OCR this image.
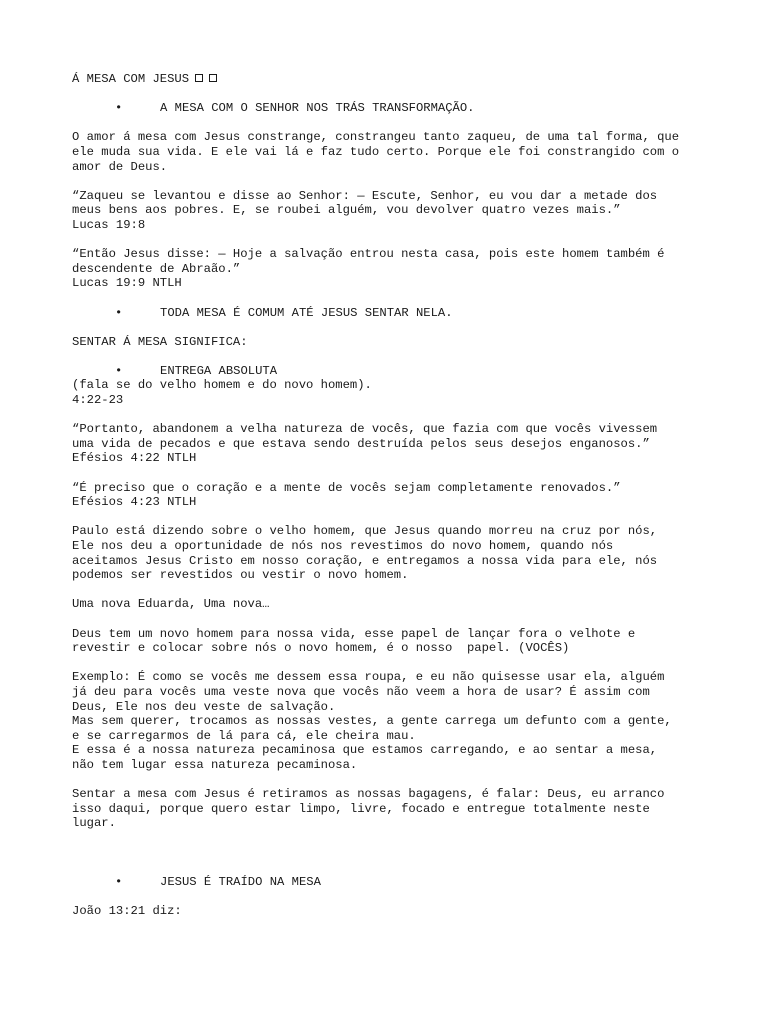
Á MESA COM JESUS
•	A MESA COM O SENHOR NOS TRÁS TRANSFORMAÇÃO.
O amor á mesa com Jesus constrange, constrangeu tanto zaqueu, de uma tal forma, que
ele muda sua vida. E ele vai lá e faz tudo certo. Porque ele foi constrangido com o
amor de Deus.
“Zaqueu se levantou e disse ao Senhor: — Escute, Senhor, eu vou dar a metade dos
meus bens aos pobres. E, se roubei alguém, vou devolver quatro vezes mais.”
Lucas 19:8
“Então Jesus disse: — Hoje a salvação entrou nesta casa, pois este homem também é
descendente de Abraão.”
Lucas 19:9 NTLH
•	TODA MESA É COMUM ATÉ JESUS SENTAR NELA.
SENTAR Á MESA SIGNIFICA:
•	ENTREGA ABSOLUTA
(fala se do velho homem e do novo homem).
4:22-23
“Portanto, abandonem a velha natureza de vocês, que fazia com que vocês vivessem
uma vida de pecados e que estava sendo destruída pelos seus desejos enganosos.”
Efésios 4:22 NTLH
“É preciso que o coração e a mente de vocês sejam completamente renovados.”
Efésios 4:23 NTLH
Paulo está dizendo sobre o velho homem, que Jesus quando morreu na cruz por nós,
Ele nos deu a oportunidade de nós nos revestimos do novo homem, quando nós
aceitamos Jesus Cristo em nosso coração, e entregamos a nossa vida para ele, nós
podemos ser revestidos ou vestir o novo homem.
Uma nova Eduarda, Uma nova…
Deus tem um novo homem para nossa vida, esse papel de lançar fora o velhote e
revestir e colocar sobre nós o novo homem, é o nosso  papel. (VOCÊS)
Exemplo: É como se vocês me dessem essa roupa, e eu não quisesse usar ela, alguém
já deu para vocês uma veste nova que vocês não veem a hora de usar? É assim com
Deus, Ele nos deu veste de salvação.
Mas sem querer, trocamos as nossas vestes, a gente carrega um defunto com a gente,
e se carregarmos de lá para cá, ele cheira mau.
E essa é a nossa natureza pecaminosa que estamos carregando, e ao sentar a mesa,
não tem lugar essa natureza pecaminosa.
Sentar a mesa com Jesus é retiramos as nossas bagagens, é falar: Deus, eu arranco
isso daqui, porque quero estar limpo, livre, focado e entregue totalmente neste
lugar.
•	JESUS É TRAÍDO NA MESA
João 13:21 diz:
